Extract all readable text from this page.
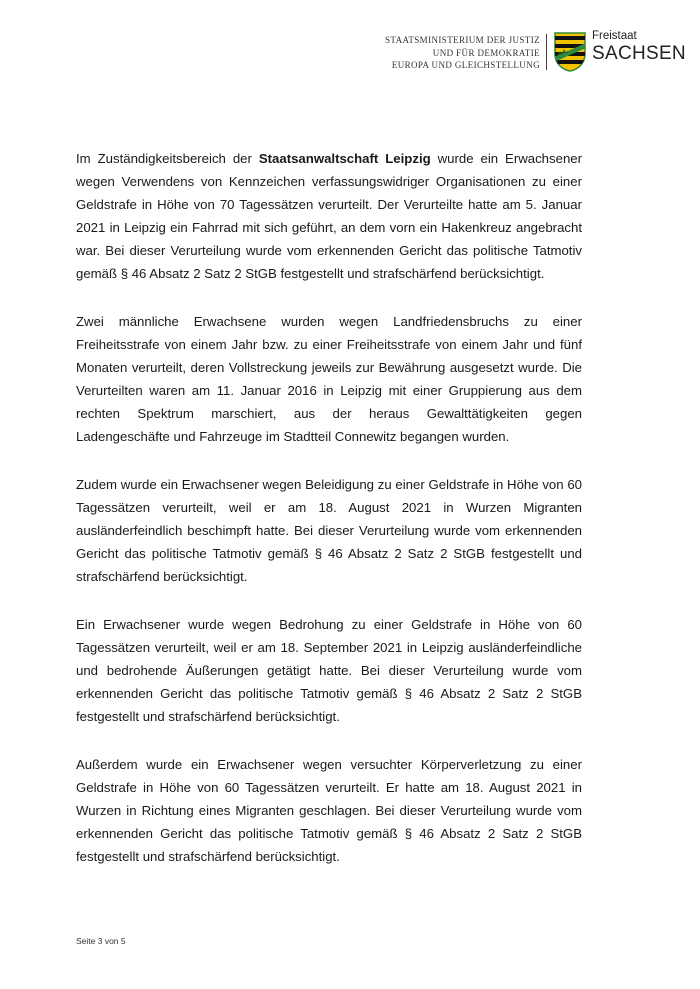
STAATSMINISTERIUM DER JUSTIZ
UND FÜR DEMOKRATIE
EUROPA UND GLEICHSTELLUNG
Freistaat
SACHSEN

Im Zuständigkeitsbereich der Staatsanwaltschaft Leipzig wurde ein Erwachsener wegen Verwendens von Kennzeichen verfassungswidriger Organisationen zu einer Geldstrafe in Höhe von 70 Tagessätzen verurteilt. Der Verurteilte hatte am 5. Januar 2021 in Leipzig ein Fahrrad mit sich geführt, an dem vorn ein Hakenkreuz angebracht war. Bei dieser Verurteilung wurde vom erkennenden Gericht das politische Tatmotiv gemäß § 46 Absatz 2 Satz 2 StGB festgestellt und strafschärfend berücksichtigt.

Zwei männliche Erwachsene wurden wegen Landfriedensbruchs zu einer Freiheitsstrafe von einem Jahr bzw. zu einer Freiheitsstrafe von einem Jahr und fünf Monaten verurteilt, deren Vollstreckung jeweils zur Bewährung ausgesetzt wurde. Die Verurteilten waren am 11. Januar 2016 in Leipzig mit einer Gruppierung aus dem rechten Spektrum marschiert, aus der heraus Gewalttätigkeiten gegen Ladengeschäfte und Fahrzeuge im Stadtteil Connewitz begangen wurden.

Zudem wurde ein Erwachsener wegen Beleidigung zu einer Geldstrafe in Höhe von 60 Tagessätzen verurteilt, weil er am 18. August 2021 in Wurzen Migranten ausländerfeindlich beschimpft hatte. Bei dieser Verurteilung wurde vom erkennenden Gericht das politische Tatmotiv gemäß § 46 Absatz 2 Satz 2 StGB festgestellt und strafschärfend berücksichtigt.

Ein Erwachsener wurde wegen Bedrohung zu einer Geldstrafe in Höhe von 60 Tagessätzen verurteilt, weil er am 18. September 2021 in Leipzig ausländerfeindliche und bedrohende Äußerungen getätigt hatte. Bei dieser Verurteilung wurde vom erkennenden Gericht das politische Tatmotiv gemäß § 46 Absatz 2 Satz 2 StGB festgestellt und strafschärfend berücksichtigt.

Außerdem wurde ein Erwachsener wegen versuchter Körperverletzung zu einer Geldstrafe in Höhe von 60 Tagessätzen verurteilt. Er hatte am 18. August 2021 in Wurzen in Richtung eines Migranten geschlagen. Bei dieser Verurteilung wurde vom erkennenden Gericht das politische Tatmotiv gemäß § 46 Absatz 2 Satz 2 StGB festgestellt und strafschärfend berücksichtigt.

Seite 3 von 5
